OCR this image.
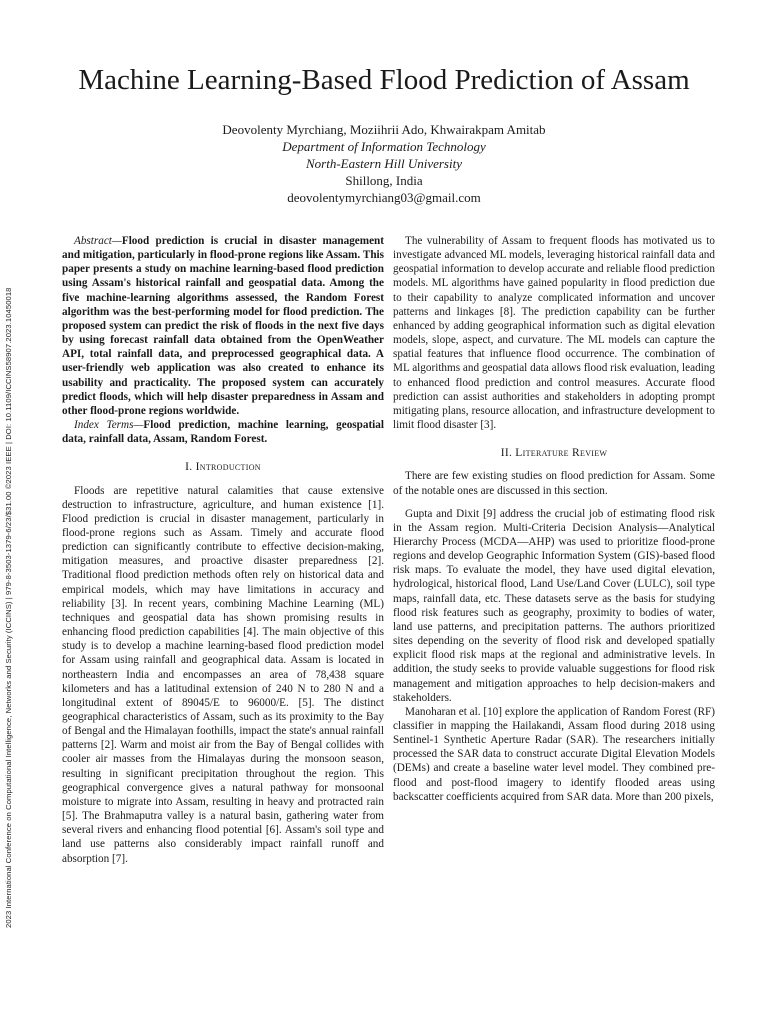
2023 International Conference on Computational Intelligence, Networks and Security (ICCINS) | 979-8-3503-1379-6/23/$31.00 ©2023 IEEE | DOI: 10.1109/ICCINS58907.2023.10450018
Machine Learning-Based Flood Prediction of Assam
Deovolenty Myrchiang, Moziihrii Ado, Khwairakpam Amitab
Department of Information Technology
North-Eastern Hill University
Shillong, India
deovolentymyrchiang03@gmail.com
Abstract—Flood prediction is crucial in disaster management and mitigation, particularly in flood-prone regions like Assam. This paper presents a study on machine learning-based flood prediction using Assam's historical rainfall and geospatial data. Among the five machine-learning algorithms assessed, the Random Forest algorithm was the best-performing model for flood prediction. The proposed system can predict the risk of floods in the next five days by using forecast rainfall data obtained from the OpenWeather API, total rainfall data, and preprocessed geographical data. A user-friendly web application was also created to enhance its usability and practicality. The proposed system can accurately predict floods, which will help disaster preparedness in Assam and other flood-prone regions worldwide.
Index Terms—Flood prediction, machine learning, geospatial data, rainfall data, Assam, Random Forest.
I. Introduction

Floods are repetitive natural calamities that cause extensive destruction to infrastructure, agriculture, and human existence [1]. Flood prediction is crucial in disaster management, particularly in flood-prone regions such as Assam. Timely and accurate flood prediction can significantly contribute to effective decision-making, mitigation measures, and proactive disaster preparedness [2]. Traditional flood prediction methods often rely on historical data and empirical models, which may have limitations in accuracy and reliability [3]. In recent years, combining Machine Learning (ML) techniques and geospatial data has shown promising results in enhancing flood prediction capabilities [4]. The main objective of this study is to develop a machine learning-based flood prediction model for Assam using rainfall and geographical data. Assam is located in northeastern India and encompasses an area of 78,438 square kilometers and has a latitudinal extension of 240 N to 280 N and a longitudinal extent of 89045/E to 96000/E. [5]. The distinct geographical characteristics of Assam, such as its proximity to the Bay of Bengal and the Himalayan foothills, impact the state's annual rainfall patterns [2]. Warm and moist air from the Bay of Bengal collides with cooler air masses from the Himalayas during the monsoon season, resulting in significant precipitation throughout the region. This geographical convergence gives a natural pathway for monsoonal moisture to migrate into Assam, resulting in heavy and protracted rain [5]. The Brahmaputra valley is a natural basin, gathering water from several rivers and enhancing flood potential [6]. Assam's soil type and land use patterns also considerably impact rainfall runoff and absorption [7].

The vulnerability of Assam to frequent floods has motivated us to investigate advanced ML models, leveraging historical rainfall data and geospatial information to develop accurate and reliable flood prediction models. ML algorithms have gained popularity in flood prediction due to their capability to analyze complicated information and uncover patterns and linkages [8]. The prediction capability can be further enhanced by adding geographical information such as digital elevation models, slope, aspect, and curvature. The ML models can capture the spatial features that influence flood occurrence. The combination of ML algorithms and geospatial data allows flood risk evaluation, leading to enhanced flood prediction and control measures. Accurate flood prediction can assist authorities and stakeholders in adopting prompt mitigating plans, resource allocation, and infrastructure development to limit flood disaster [3].

II. Literature Review

There are few existing studies on flood prediction for Assam. Some of the notable ones are discussed in this section.

Gupta and Dixit [9] address the crucial job of estimating flood risk in the Assam region. Multi-Criteria Decision Analysis—Analytical Hierarchy Process (MCDA—AHP) was used to prioritize flood-prone regions and develop Geographic Information System (GIS)-based flood risk maps. To evaluate the model, they have used digital elevation, hydrological, historical flood, Land Use/Land Cover (LULC), soil type maps, rainfall data, etc. These datasets serve as the basis for studying flood risk features such as geography, proximity to bodies of water, land use patterns, and precipitation patterns. The authors prioritized sites depending on the severity of flood risk and developed spatially explicit flood risk maps at the regional and administrative levels. In addition, the study seeks to provide valuable suggestions for flood risk management and mitigation approaches to help decision-makers and stakeholders.

Manoharan et al. [10] explore the application of Random Forest (RF) classifier in mapping the Hailakandi, Assam flood during 2018 using Sentinel-1 Synthetic Aperture Radar (SAR). The researchers initially processed the SAR data to construct accurate Digital Elevation Models (DEMs) and create a baseline water level model. They combined pre-flood and post-flood imagery to identify flooded areas using backscatter coefficients acquired from SAR data. More than 200 pixels,
